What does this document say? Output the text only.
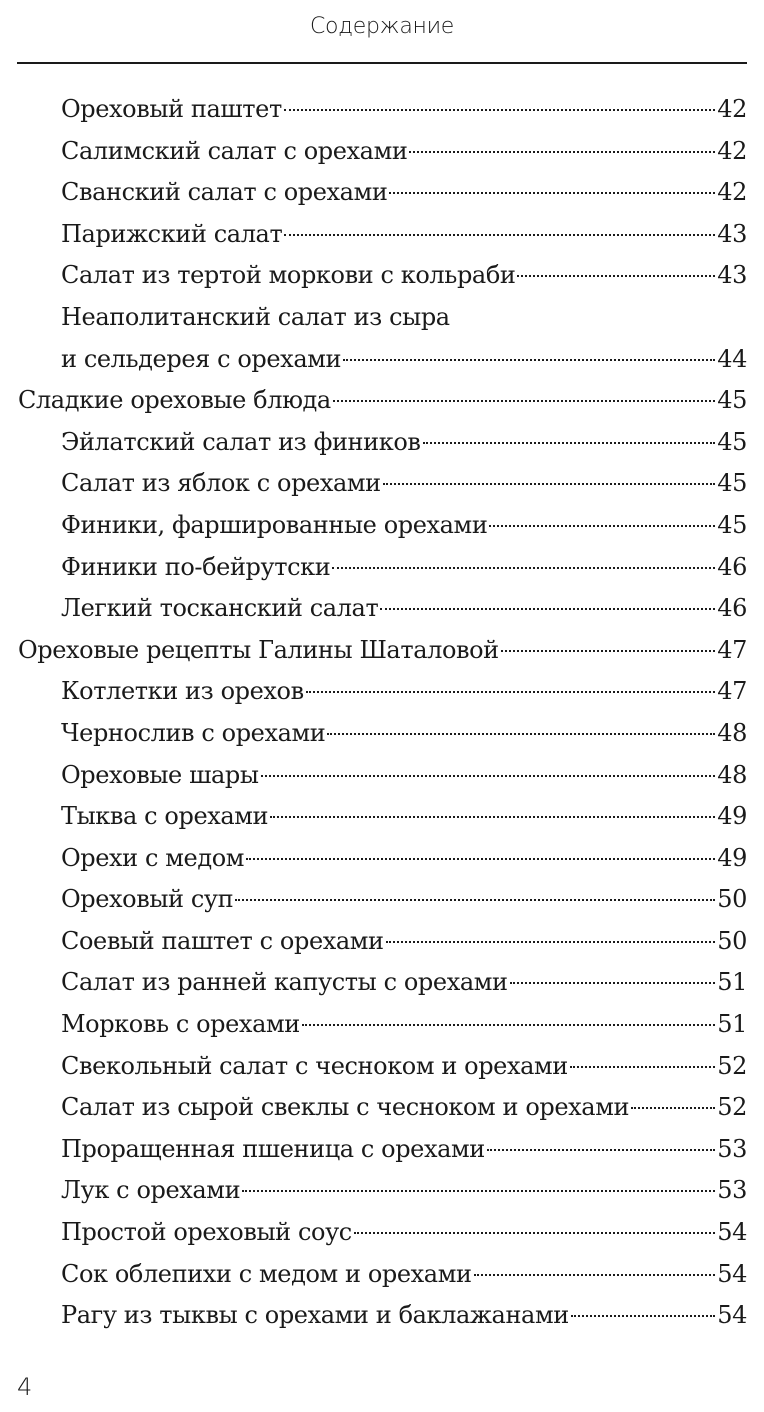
Содержание
Ореховый паштет	42
Салимский салат с орехами	42
Сванский салат с орехами	42
Парижский салат	43
Салат из тертой моркови с кольраби	43
Неаполитанский салат из сыра
и сельдерея с орехами	44
Сладкие ореховые блюда	45
Эйлатский салат из фиников	45
Салат из яблок с орехами	45
Финики, фаршированные орехами	45
Финики по-бейрутски	46
Легкий тосканский салат	46
Ореховые рецепты Галины Шаталовой	47
Котлетки из орехов	47
Чернослив с орехами	48
Ореховые шары	48
Тыква с орехами	49
Орехи с медом	49
Ореховый суп	50
Соевый паштет с орехами	50
Салат из ранней капусты с орехами	51
Морковь с орехами	51
Свекольный салат с чесноком и орехами	52
Салат из сырой свеклы с чесноком и орехами	52
Проращенная пшеница с орехами	53
Лук с орехами	53
Простой ореховый соус	54
Сок облепихи с медом и орехами	54
Рагу из тыквы с орехами и баклажанами	54
4
